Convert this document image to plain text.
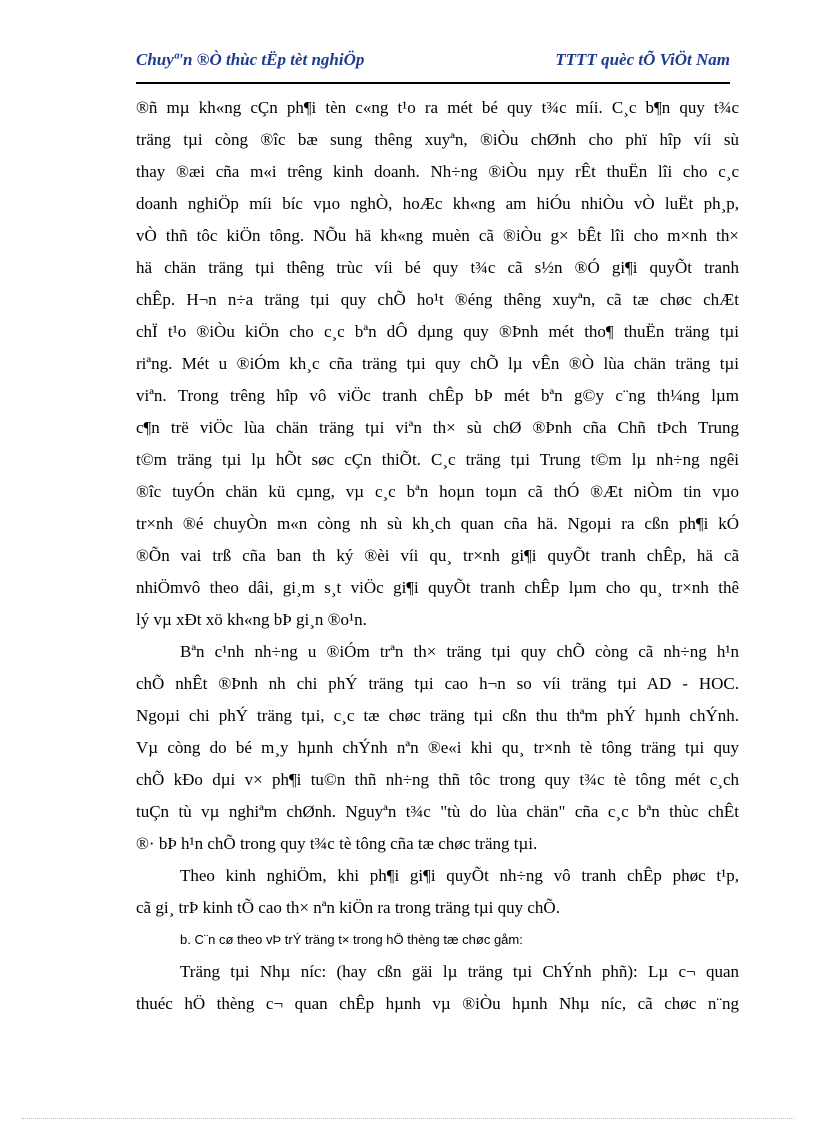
Chuyª'n ®Ò thùc tËp tèt nghiÖp	TTTT quèc tÕ ViÖt Nam
®ñ mµ kh«ng cÇn ph¶i tèn c«ng t¹o ra mét bé quy t¾c míi. C¸c b¶n quy t¾c
träng tµi còng ®îc bæ sung thêng xuyªn, ®iÒu chØnh cho phï hîp víi sù
thay ®æi cña m«i trêng kinh doanh. Nh÷ng ®iÒu nµy rÊt thuËn lîi cho c¸c
doanh nghiÖp míi bíc vµo nghÒ, hoÆc kh«ng am hiÓu nhiÒu vÒ luËt ph¸p,
vÒ thñ tôc kiÖn tông. NÕu hä kh«ng muèn cã ®iÒu g× bÊt lîi cho m×nh th×
hä chän träng tµi thêng trùc víi bé quy t¾c cã s½n ®Ó gi¶i quyÕt tranh
chÊp. H¬n n÷a träng tµi quy chÕ ho¹t ®éng thêng xuyªn, cã tæ chøc chÆt
chÏ t¹o ®iÒu kiÖn cho c¸c bªn dÔ dµng quy ®Þnh mét tho¶ thuËn träng tµi
riªng. Mét u ®iÓm kh¸c cña träng tµi quy chÕ lµ vÊn ®Ò lùa chän träng tµi
viªn. Trong trêng hîp vô viÖc tranh chÊp bÞ mét bªn g©y c¨ng th¼ng lµm
c¶n trë viÖc lùa chän träng tµi viªn th× sù chØ ®Þnh cña Chñ tÞch Trung
t©m träng tµi lµ hÕt søc cÇn thiÕt. C¸c träng tµi Trung t©m lµ nh÷ng ngêi
®îc tuyÓn chän kü cµng, vµ c¸c bªn hoµn toµn cã thÓ ®Æt niÒm tin vµo
tr×nh ®é chuyÒn m«n còng nh sù kh¸ch quan cña hä. Ngoµi ra cßn ph¶i kÓ
®Õn vai trß cña ban th ký ®èi víi qu¸ tr×nh gi¶i quyÕt tranh chÊp, hä cã
nhiÖmvô theo dâi, gi¸m s¸t viÖc gi¶i quyÕt tranh chÊp lµm cho qu¸ tr×nh thê
lý vµ xÐt xö kh«ng bÞ gi¸n ®o¹n.
Bªn c¹nh nh÷ng u ®iÓm trªn th× träng tµi quy chÕ còng cã nh÷ng h¹n
chÕ nhÊt ®Þnh nh chi phÝ träng tµi cao h¬n so víi träng tµi AD - HOC.
Ngoµi chi phÝ träng tµi, c¸c tæ chøc träng tµi cßn thu thªm phÝ hµnh chÝnh.
Vµ còng do bé m¸y hµnh chÝnh nªn ®e«i khi qu¸ tr×nh tè tông träng tµi quy
chÕ kÐo dµi v× ph¶i tu©n thñ nh÷ng thñ tôc trong quy t¾c tè tông mét c¸ch
tuÇn tù vµ nghiªm chØnh. Nguyªn t¾c "tù do lùa chän" cña c¸c bªn thùc chÊt
®· bÞ h¹n chÕ trong quy t¾c tè tông cña tæ chøc träng tµi.
Theo kinh nghiÖm, khi ph¶i gi¶i quyÕt nh÷ng vô tranh chÊp phøc t¹p,
cã gi¸ trÞ kinh tÕ cao th× nªn kiÖn ra trong träng tµi quy chÕ.
b. C¨n cø theo vÞ trÝ träng t× trong hÖ thèng tæ chøc gåm:
Träng tµi Nhµ níc: (hay cßn gäi lµ träng tµi ChÝnh phñ): Lµ c¬ quan
thuéc hÖ thèng c¬ quan chÊp hµnh vµ ®iÒu hµnh Nhµ níc, cã chøc n¨ng
